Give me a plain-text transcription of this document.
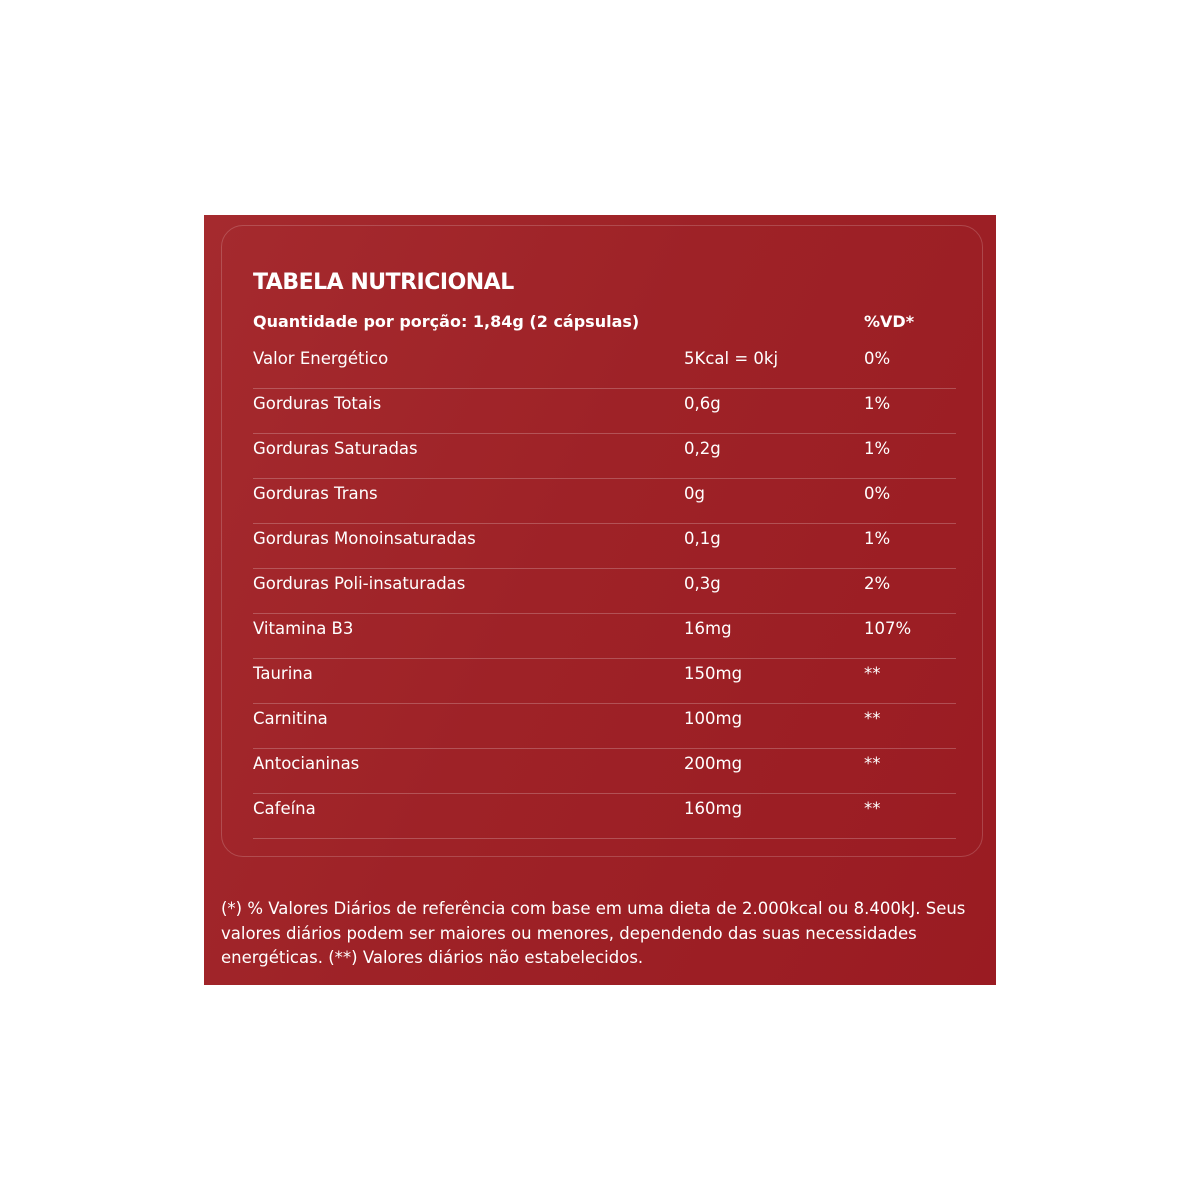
TABELA NUTRICIONAL
Quantidade por porção: 1,84g (2 cápsulas)	%VD*
Valor Energético	5Kcal = 0kj	0%
Gorduras Totais	0,6g	1%
Gorduras Saturadas	0,2g	1%
Gorduras Trans	0g	0%
Gorduras Monoinsaturadas	0,1g	1%
Gorduras Poli-insaturadas	0,3g	2%
Vitamina B3	16mg	107%
Taurina	150mg	**
Carnitina	100mg	**
Antocianinas	200mg	**
Cafeína	160mg	**

(*) % Valores Diários de referência com base em uma dieta de 2.000kcal ou 8.400kJ. Seus valores diários podem ser maiores ou menores, dependendo das suas necessidades energéticas. (**) Valores diários não estabelecidos.
